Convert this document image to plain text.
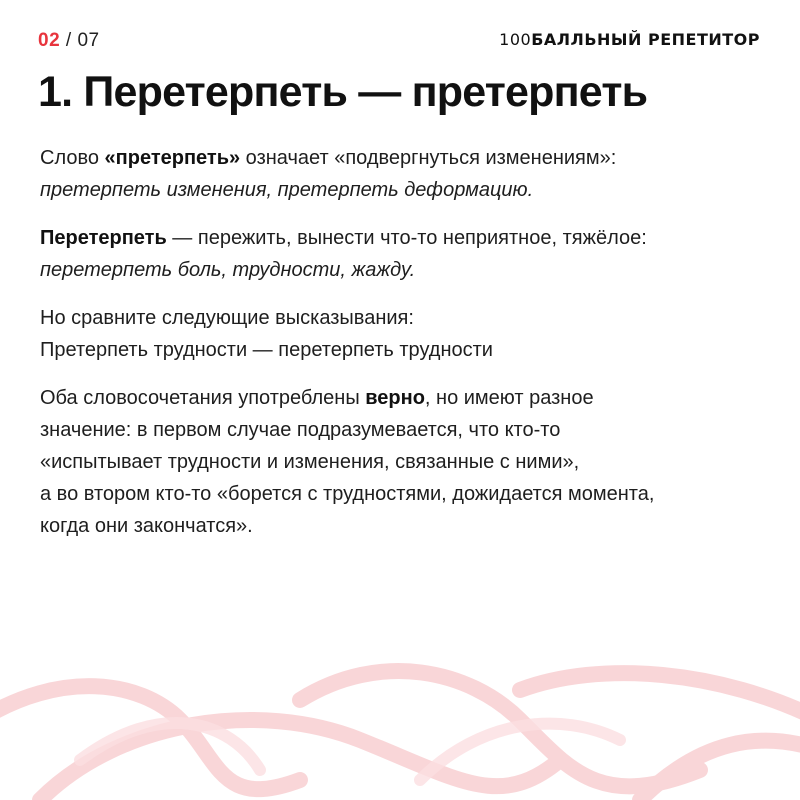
02 / 07	100БАЛЛЬНЫЙ РЕПЕТИТОР
1. Перетерпеть — претерпеть

Слово «претерпеть» означает «подвергнуться изменениям»:
претерпеть изменения, претерпеть деформацию.

Перетерпеть — пережить, вынести что-то неприятное, тяжёлое:
перетерпеть боль, трудности, жажду.

Но сравните следующие высказывания:
Претерпеть трудности — перетерпеть трудности

Оба словосочетания употреблены верно, но имеют разное
значение: в первом случае подразумевается, что кто-то
«испытывает трудности и изменения, связанные с ними»,
а во втором кто-то «борется с трудностями, дожидается момента,
когда они закончатся».
